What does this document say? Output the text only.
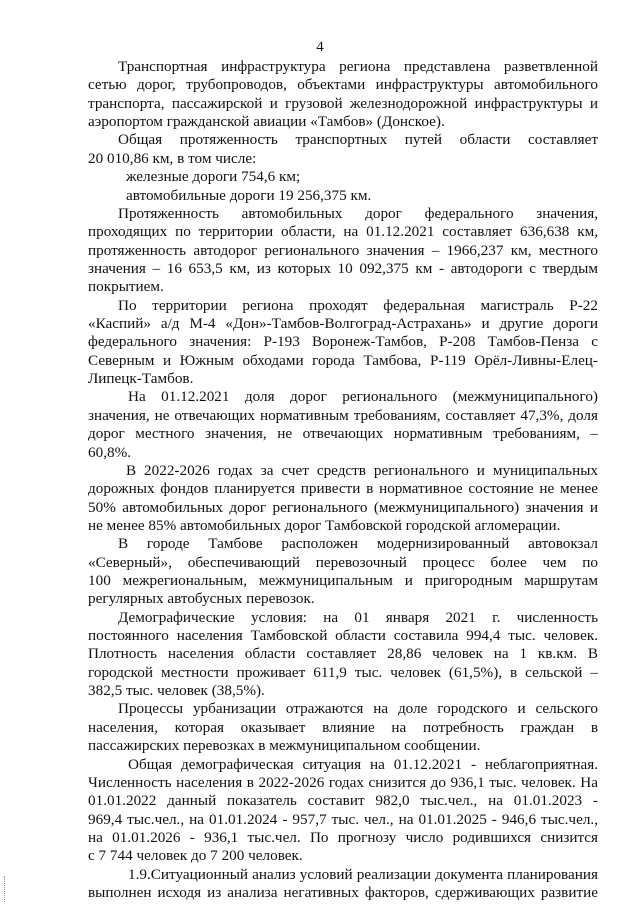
4
Транспортная инфраструктура региона представлена разветвленной
сетью дорог, трубопроводов, объектами инфраструктуры автомобильного
транспорта, пассажирской и грузовой железнодорожной инфраструктуры и
аэропортом гражданской авиации «Тамбов» (Донское).
Общая протяженность транспортных путей области составляет
20 010,86 км, в том числе:
железные дороги 754,6 км;
автомобильные дороги 19 256,375 км.
Протяженность автомобильных дорог федерального значения,
проходящих по территории области, на 01.12.2021 составляет 636,638 км,
протяженность автодорог регионального значения – 1966,237 км, местного
значения – 16 653,5 км, из которых 10 092,375 км - автодороги с твердым
покрытием.
По территории региона проходят федеральная магистраль Р-22
«Каспий» а/д М-4 «Дон»-Тамбов-Волгоград-Астрахань» и другие дороги
федерального значения: Р-193 Воронеж-Тамбов, Р-208 Тамбов-Пенза с
Северным и Южным обходами города Тамбова, Р-119 Орёл-Ливны-Елец-
Липецк-Тамбов.
На 01.12.2021 доля дорог регионального (межмуниципального)
значения, не отвечающих нормативным требованиям, составляет 47,3%, доля
дорог местного значения, не отвечающих нормативным требованиям, –
60,8%.
В 2022-2026 годах за счет средств регионального и муниципальных
дорожных фондов планируется привести в нормативное состояние не менее
50% автомобильных дорог регионального (межмуниципального) значения и
не менее 85% автомобильных дорог Тамбовской городской агломерации.
В городе Тамбове расположен модернизированный автовокзал
«Северный», обеспечивающий перевозочный процесс более чем по
100 межрегиональным, межмуниципальным и пригородным маршрутам
регулярных автобусных перевозок.
Демографические условия: на 01 января 2021 г. численность
постоянного населения Тамбовской области составила 994,4 тыс. человек.
Плотность населения области составляет 28,86 человек на 1 кв.км. В
городской местности проживает 611,9 тыс. человек (61,5%), в сельской –
382,5 тыс. человек (38,5%).
Процессы урбанизации отражаются на доле городского и сельского
населения, которая оказывает влияние на потребность граждан в
пассажирских перевозках в межмуниципальном сообщении.
Общая демографическая ситуация на 01.12.2021 - неблагоприятная.
Численность населения в 2022-2026 годах снизится до 936,1 тыс. человек. На
01.01.2022 данный показатель составит 982,0 тыс.чел., на 01.01.2023 -
969,4 тыс.чел., на 01.01.2024 - 957,7 тыс. чел., на 01.01.2025 - 946,6 тыс.чел.,
на 01.01.2026 - 936,1 тыс.чел. По прогнозу число родившихся снизится
с 7 744 человек до 7 200 человек.
1.9.Ситуационный анализ условий реализации документа планирования
выполнен исходя из анализа негативных факторов, сдерживающих развитие
